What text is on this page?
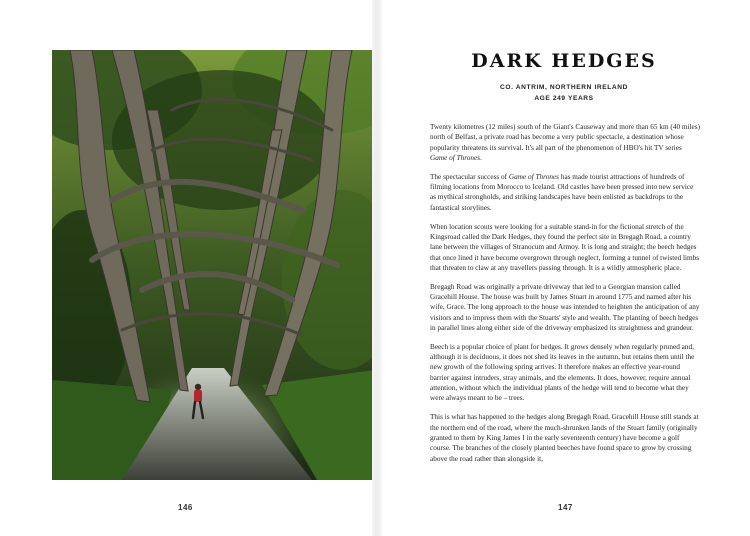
146	147
DARK HEDGES
CO. ANTRIM, NORTHERN IRELAND
AGE 249 YEARS

Twenty kilometres (12 miles) south of the Giant's Causeway and more than 65 km (40 miles) north of Belfast, a private road has become a very public spectacle, a destination whose popularity threatens its survival. It's all part of the phenomenon of HBO's hit TV series Game of Thrones.

The spectacular success of Game of Thrones has made tourist attractions of hundreds of filming locations from Morocco to Iceland. Old castles have been pressed into new service as mythical strongholds, and striking landscapes have been enlisted as backdrops to the fantastical storylines.

When location scouts were looking for a suitable stand-in for the fictional stretch of the Kingsroad called the Dark Hedges, they found the perfect site in Bregagh Road, a country lane between the villages of Stranocum and Armoy. It is long and straight; the beech hedges that once lined it have become overgrown through neglect, forming a tunnel of twisted limbs that threaten to claw at any travellers passing through. It is a wildly atmospheric place.

Bregagh Road was originally a private driveway that led to a Georgian mansion called Gracehill House. The house was built by James Stuart in around 1775 and named after his wife, Grace. The long approach to the house was intended to heighten the anticipation of any visitors and to impress them with the Stuarts' style and wealth. The planting of beech hedges in parallel lines along either side of the driveway emphasized its straightness and grandeur.

Beech is a popular choice of plant for hedges. It grows densely when regularly pruned and, although it is deciduous, it does not shed its leaves in the autumn, but retains them until the new growth of the following spring arrives. It therefore makes an effective year-round barrier against intruders, stray animals, and the elements. It does, however, require annual attention, without which the individual plants of the hedge will tend to become what they were always meant to be – trees.

This is what has happened to the hedges along Bregagh Road. Gracehill House still stands at the northern end of the road, where the much-shrunken lands of the Stuart family (originally granted to them by King James I in the early seventeenth century) have become a golf course. The branches of the closely planted beeches have found space to grow by crossing above the road rather than alongside it,
